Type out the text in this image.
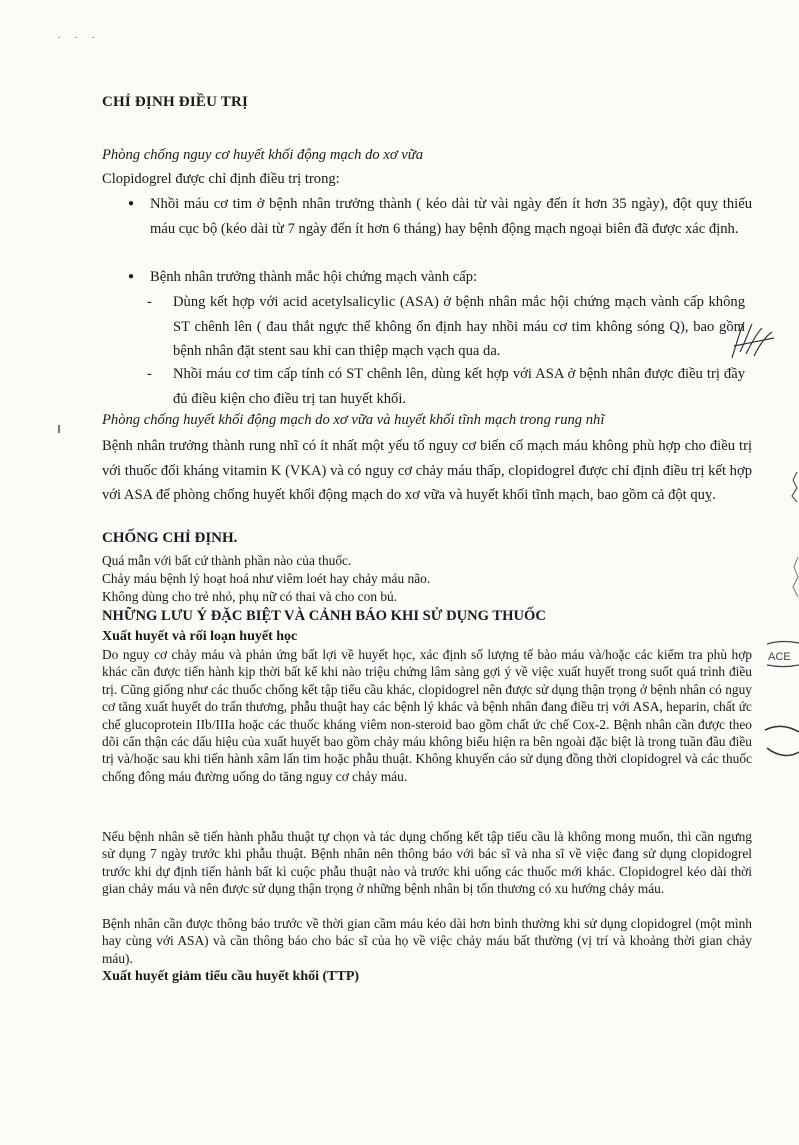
. . .
CHỈ ĐỊNH ĐIỀU TRỊ
Phòng chống nguy cơ huyết khối động mạch do xơ vữa
Clopidogrel được chỉ định điều trị trong:
● Nhồi máu cơ tim ở bệnh nhân trưởng thành ( kéo dài từ vài ngày đến ít hơn 35 ngày), đột quỵ thiếu máu cục bộ (kéo dài từ 7 ngày đến ít hơn 6 tháng) hay bệnh động mạch ngoại biên đã được xác định.
● Bệnh nhân trưởng thành mắc hội chứng mạch vành cấp:
- Dùng kết hợp với acid acetylsalicylic (ASA) ở bệnh nhân mắc hội chứng mạch vành cấp không ST chênh lên ( đau thắt ngực thể không ổn định hay nhồi máu cơ tim không sóng Q), bao gồm bệnh nhân đặt stent sau khi can thiệp mạch vạch qua da.
- Nhồi máu cơ tim cấp tính có ST chênh lên, dùng kết hợp với ASA ở bệnh nhân được điều trị đầy đủ điều kiện cho điều trị tan huyết khối.
Phòng chống huyết khối động mạch do xơ vữa và huyết khối tĩnh mạch trong rung nhĩ
Bệnh nhân trưởng thành rung nhĩ có ít nhất một yếu tố nguy cơ biến cố mạch máu không phù hợp cho điều trị với thuốc đối kháng vitamin K (VKA) và có nguy cơ chảy máu thấp, clopidogrel được chỉ định điều trị kết hợp với ASA để phòng chống huyết khối động mạch do xơ vữa và huyết khối tĩnh mạch, bao gồm cả đột quỵ.
CHỐNG CHỈ ĐỊNH.
Quá mẫn với bất cứ thành phần nào của thuốc.
Chảy máu bệnh lý hoạt hoá như viêm loét hay chảy máu não.
Không dùng cho trẻ nhỏ, phụ nữ có thai và cho con bú.
NHỮNG LƯU Ý ĐẶC BIỆT VÀ CẢNH BÁO KHI SỬ DỤNG THUỐC
Xuất huyết và rối loạn huyết học
Do nguy cơ chảy máu và phản ứng bất lợi về huyết học, xác định số lượng tế bào máu và/hoặc các kiểm tra phù hợp khác cần được tiến hành kịp thời bất kể khi nào triệu chứng lâm sàng gợi ý về việc xuất huyết trong suốt quá trình điều trị. Cũng giống như các thuốc chống kết tập tiểu cầu khác, clopidogrel nên được sử dụng thận trọng ở bệnh nhân có nguy cơ tăng xuất huyết do trấn thương, phẫu thuật hay các bệnh lý khác và bệnh nhân đang điều trị với ASA, heparin, chất ức chế glucoprotein IIb/IIIa hoặc các thuốc kháng viêm non-steroid bao gồm chất ức chế Cox-2. Bệnh nhân cần được theo dõi cẩn thận các dấu hiệu của xuất huyết bao gồm chảy máu không biểu hiện ra bên ngoài đặc biệt là trong tuần đầu điều trị và/hoặc sau khi tiến hành xâm lấn tim hoặc phẫu thuật. Không khuyến cáo sử dụng đồng thời clopidogrel và các thuốc chống đông máu đường uống do tăng nguy cơ chảy máu.
Nếu bệnh nhân sẽ tiến hành phẫu thuật tự chọn và tác dụng chống kết tập tiểu cầu là không mong muốn, thì cần ngưng sử dụng 7 ngày trước khi phẫu thuật. Bệnh nhân nên thông báo với bác sĩ và nha sĩ về việc đang sử dụng clopidogrel trước khi dự định tiến hành bất kì cuộc phẫu thuật nào và trước khi uống các thuốc mới khác. Clopidogrel kéo dài thời gian chảy máu và nên được sử dụng thận trọng ở những bệnh nhân bị tổn thương có xu hướng chảy máu.
Bệnh nhân cần được thông báo trước về thời gian cầm máu kéo dài hơn bình thường khi sử dụng clopidogrel (một mình hay cùng với ASA) và cần thông báo cho bác sĩ của họ về việc chảy máu bất thường (vị trí và khoảng thời gian chảy máu).
Xuất huyết giảm tiểu cầu huyết khối (TTP)
ACE
